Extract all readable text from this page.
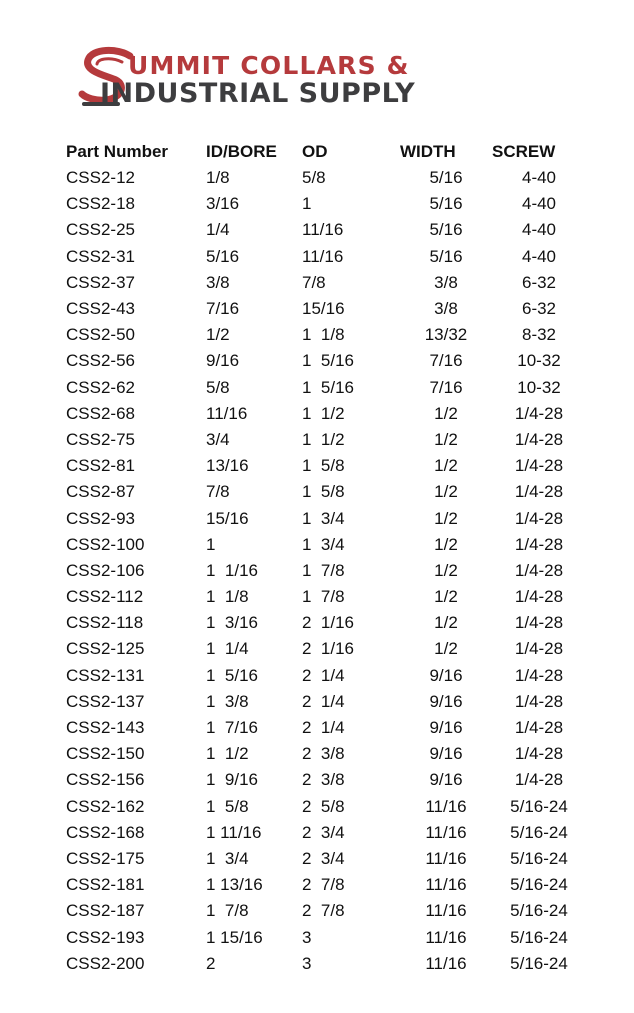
UMMIT COLLARS &
INDUSTRIAL SUPPLY
Part Number	ID/BORE	OD	WIDTH	SCREW
CSS2-12	1/8	5/8	5/16	4-40
CSS2-18	3/16	1	5/16	4-40
CSS2-25	1/4	11/16	5/16	4-40
CSS2-31	5/16	11/16	5/16	4-40
CSS2-37	3/8	7/8	3/8	6-32
CSS2-43	7/16	15/16	3/8	6-32
CSS2-50	1/2	1  1/8	13/32	8-32
CSS2-56	9/16	1  5/16	7/16	10-32
CSS2-62	5/8	1  5/16	7/16	10-32
CSS2-68	11/16	1  1/2	1/2	1/4-28
CSS2-75	3/4	1  1/2	1/2	1/4-28
CSS2-81	13/16	1  5/8	1/2	1/4-28
CSS2-87	7/8	1  5/8	1/2	1/4-28
CSS2-93	15/16	1  3/4	1/2	1/4-28
CSS2-100	1	1  3/4	1/2	1/4-28
CSS2-106	1  1/16	1  7/8	1/2	1/4-28
CSS2-112	1  1/8	1  7/8	1/2	1/4-28
CSS2-118	1  3/16	2  1/16	1/2	1/4-28
CSS2-125	1  1/4	2  1/16	1/2	1/4-28
CSS2-131	1  5/16	2  1/4	9/16	1/4-28
CSS2-137	1  3/8	2  1/4	9/16	1/4-28
CSS2-143	1  7/16	2  1/4	9/16	1/4-28
CSS2-150	1  1/2	2  3/8	9/16	1/4-28
CSS2-156	1  9/16	2  3/8	9/16	1/4-28
CSS2-162	1  5/8	2  5/8	11/16	5/16-24
CSS2-168	1 11/16	2  3/4	11/16	5/16-24
CSS2-175	1  3/4	2  3/4	11/16	5/16-24
CSS2-181	1 13/16	2  7/8	11/16	5/16-24
CSS2-187	1  7/8	2  7/8	11/16	5/16-24
CSS2-193	1 15/16	3	11/16	5/16-24
CSS2-200	2	3	11/16	5/16-24
